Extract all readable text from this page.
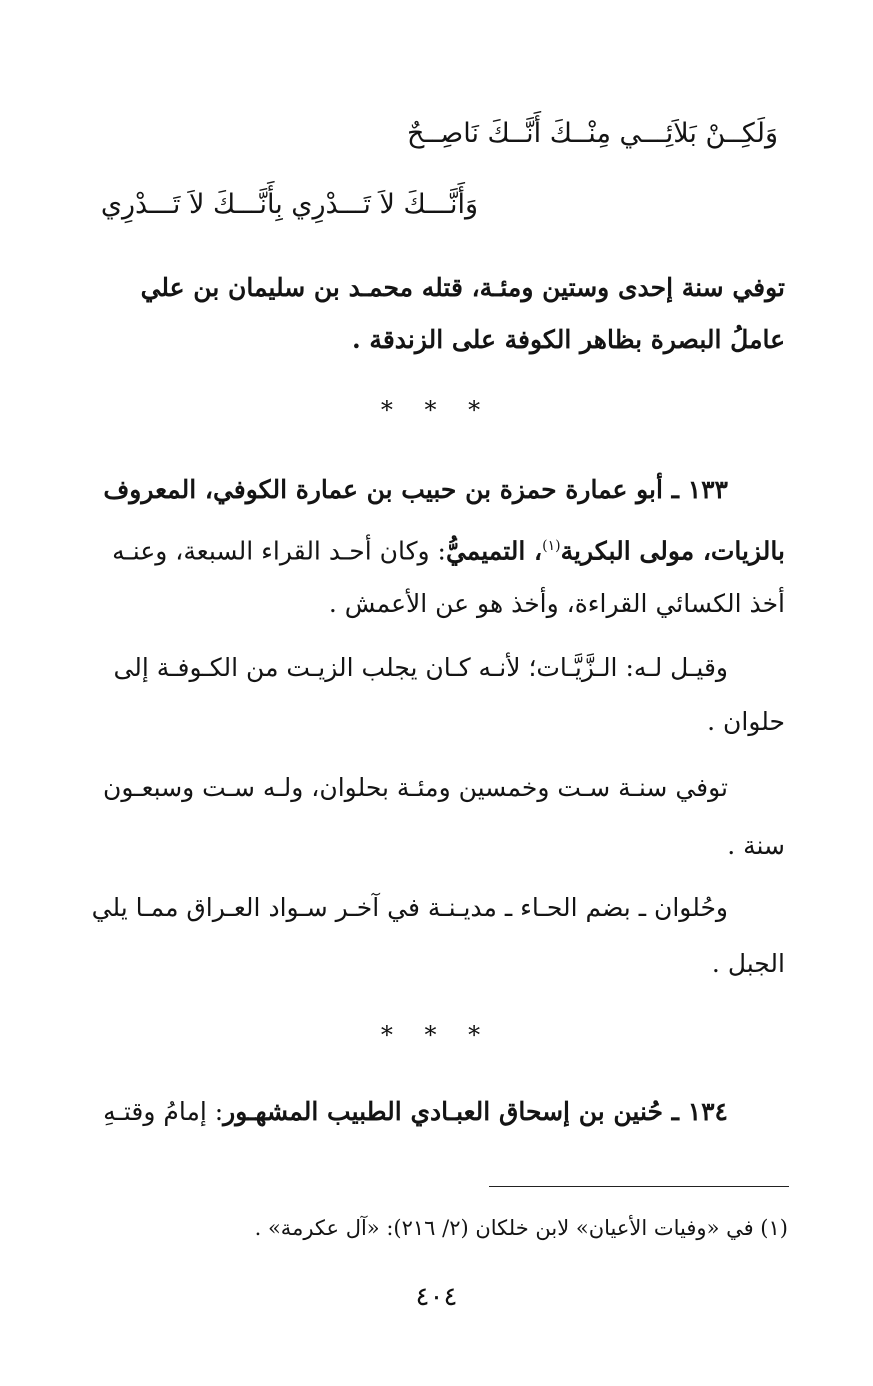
وَلَكِــنْ بَلاَئِـــي مِنْــكَ أَنَّــكَ نَاصِــحٌ
وَأَنَّـــكَ لاَ تَـــدْرِي بِأَنَّـــكَ لاَ تَـــدْرِي
توفي سنة إحدى وستين ومئـة، قتله محمـد بن سليمان بن علي
عاملُ البصرة بظاهر الكوفة على الزندقة .
* * *
١٣٣ ـ أبو عمارة حمزة بن حبيب بن عمارة الكوفي، المعروف
بالزيات، مولى البكرية$^{(١)}$، التميميُّ: وكان أحـد القراء السبعة، وعنـه
أخذ الكسائي القراءة، وأخذ هو عن الأعمش .
وقيـل لـه: الـزَّيَّـات؛ لأنـه كـان يجلب الزيـت من الكـوفـة إلى
حلوان .
توفي سنـة سـت وخمسين ومئـة بحلوان، ولـه سـت وسبعـون
سنة .
وحُلوان ـ بضم الحـاء ـ مديـنـة في آخـر سـواد العـراق ممـا يلي
الجبل .
* * *
١٣٤ ـ حُنين بن إسحاق العبـادي الطبيب المشهـور: إمامُ وقتـهِ
(١) في «وفيات الأعيان» لابن خلكان (٢/ ٢١٦): «آل عكرمة» .
٤٠٤
